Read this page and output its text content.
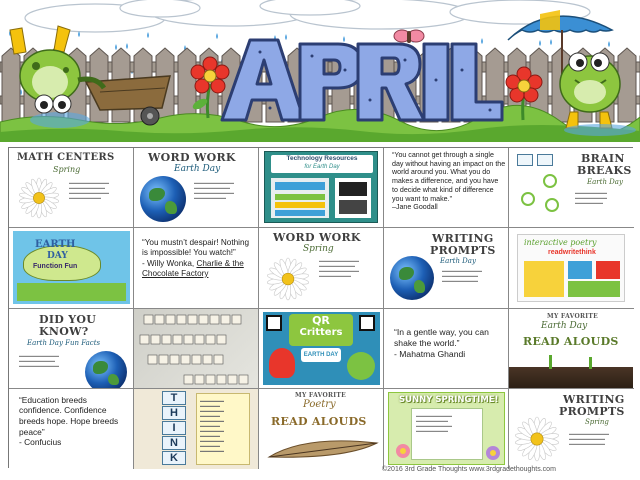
MATH CENTERS
Spring
▬▬▬▬▬▬▬▬▬▬
▬▬▬▬▬▬▬▬▬
▬▬▬▬▬▬▬▬▬▬
▬▬▬▬▬▬▬▬
WORD WORK
Earth Day
▬▬▬▬▬▬▬▬▬▬
▬▬▬▬▬▬▬▬▬
▬▬▬▬▬▬▬▬▬▬
▬▬▬▬▬▬▬▬
Technology Resources
for Earth Day
“You cannot get through a single day without having an impact on the world around you. What you do makes a difference, and you have to decide what kind of difference you want to make.”
–Jane Goodall
BRAIN
BREAKS
Earth Day
▬▬▬▬▬▬▬▬
▬▬▬▬▬▬▬▬
▬▬▬▬▬▬▬
EARTH
DAY
Function Fun
“You mustn’t despair! Nothing is impossible! You watch!”
- Willy Wonka, Charlie & the Chocolate Factory
WORD WORK
Spring
▬▬▬▬▬▬▬▬▬▬
▬▬▬▬▬▬▬▬▬
▬▬▬▬▬▬▬▬▬▬
▬▬▬▬▬▬▬▬
WRITING
PROMPTS
Earth Day
▬▬▬▬▬▬▬▬▬▬
▬▬▬▬▬▬▬▬▬
▬▬▬▬▬▬▬▬▬
interactive poetry
readwritethink
DID YOU
KNOW?
Earth Day Fun Facts
▬▬▬▬▬▬▬▬▬▬
▬▬▬▬▬▬▬▬▬
▬▬▬▬▬▬▬▬▬▬
QR
Critters
EARTH DAY
“In a gentle way, you can shake the world.”
- Mahatma Ghandi
MY FAVORITE
Earth Day
READ ALOUDS
“Education breeds confidence. Confidence breeds hope. Hope breeds peace”
- Confucius
T
H
I
N
K
▬▬▬▬▬▬
▬▬▬▬▬
▬▬▬▬▬▬
▬▬▬▬▬
▬▬▬▬▬▬
▬▬▬▬▬
▬▬▬▬▬▬
▬▬▬▬▬
▬▬▬▬▬▬
▬▬▬▬▬
▬▬▬▬▬▬
MY FAVORITE
Poetry
READ ALOUDS
SUNNY SPRINGTIME!
▬▬▬▬▬▬▬▬▬
▬▬▬▬▬▬▬▬
▬▬▬▬▬▬▬▬▬
▬▬▬▬▬▬▬▬
WRITING
PROMPTS
Spring
▬▬▬▬▬▬▬▬▬▬
▬▬▬▬▬▬▬▬▬
▬▬▬▬▬▬▬▬▬
©2016 3rd Grade Thoughts www.3rdgradethoughts.com
